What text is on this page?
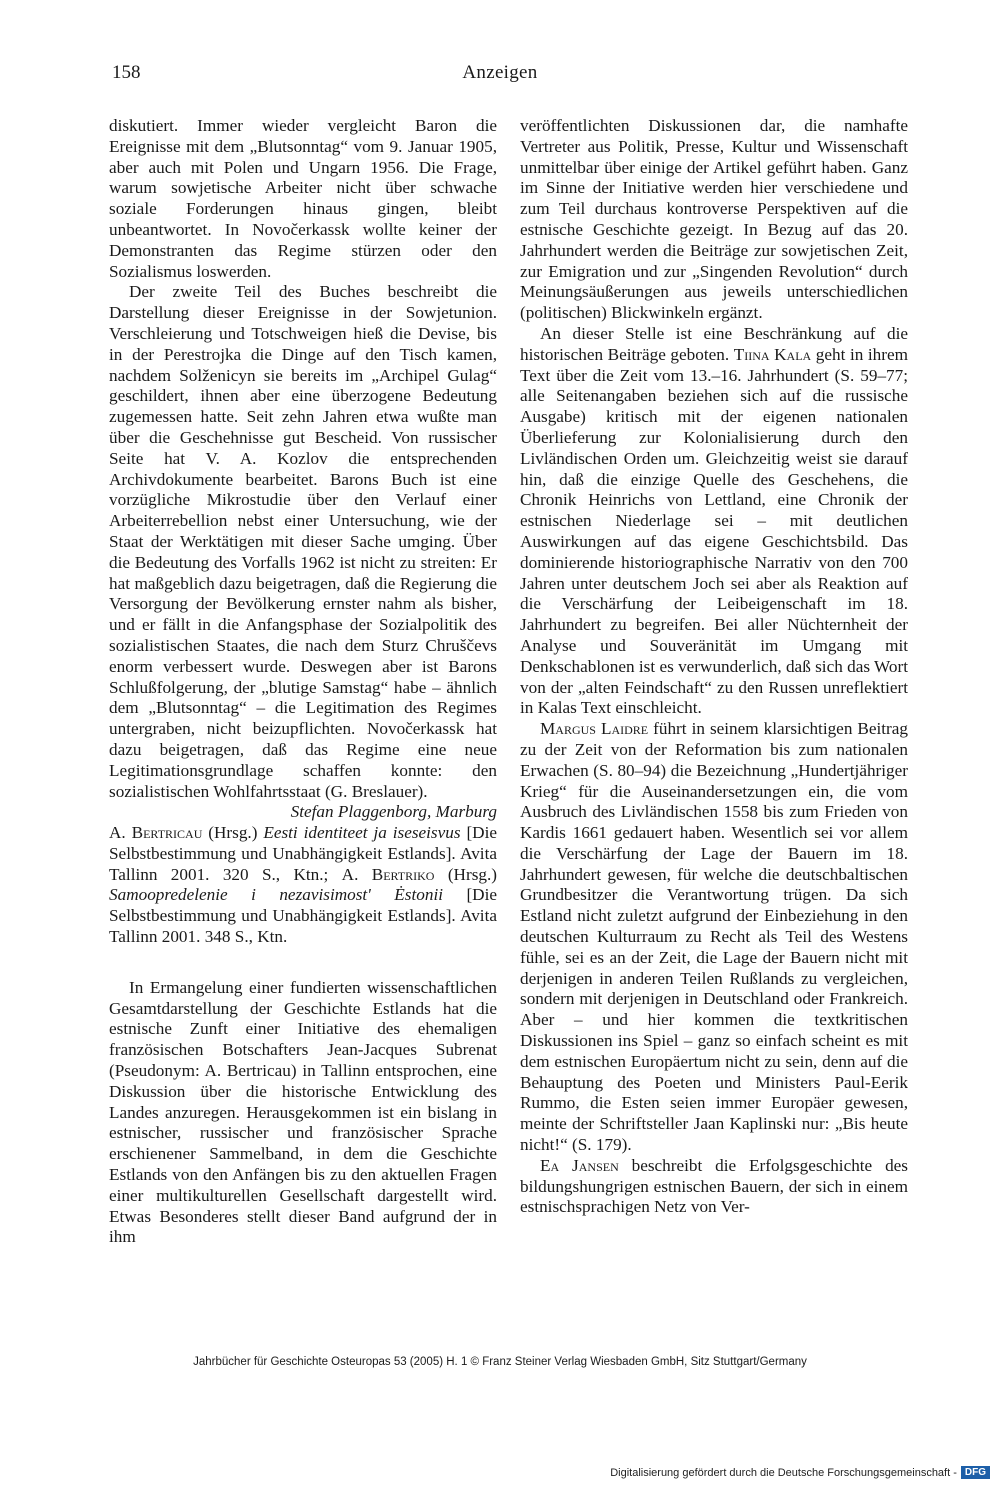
158	Anzeigen

diskutiert. Immer wieder vergleicht Baron die Ereignisse mit dem „Blutsonntag“ vom 9. Januar 1905, aber auch mit Polen und Ungarn 1956. Die Frage, warum sowjetische Arbeiter nicht über schwache soziale Forderungen hinaus gingen, bleibt unbeantwortet. In Novočerkassk wollte keiner der Demonstranten das Regime stürzen oder den Sozialismus loswerden.

Der zweite Teil des Buches beschreibt die Darstellung dieser Ereignisse in der Sowjetunion. Verschleierung und Totschweigen hieß die Devise, bis in der Perestrojka die Dinge auf den Tisch kamen, nachdem Solženicyn sie bereits im „Archipel Gulag“ geschildert, ihnen aber eine überzogene Bedeutung zugemessen hatte. Seit zehn Jahren etwa wußte man über die Geschehnisse gut Bescheid. Von russischer Seite hat V. A. Kozlov die entsprechenden Archivdokumente bearbeitet. Barons Buch ist eine vorzügliche Mikrostudie über den Verlauf einer Arbeiterrebellion nebst einer Untersuchung, wie der Staat der Werktätigen mit dieser Sache umging. Über die Bedeutung des Vorfalls 1962 ist nicht zu streiten: Er hat maßgeblich dazu beigetragen, daß die Regierung die Versorgung der Bevölkerung ernster nahm als bisher, und er fällt in die Anfangsphase der Sozialpolitik des sozialistischen Staates, die nach dem Sturz Chruščevs enorm verbessert wurde. Deswegen aber ist Barons Schlußfolgerung, der „blutige Samstag“ habe – ähnlich dem „Blutsonntag“ – die Legitimation des Regimes untergraben, nicht beizupflichten. Novočerkassk hat dazu beigetragen, daß das Regime eine neue Legitimationsgrundlage schaffen konnte: den sozialistischen Wohlfahrtsstaat (G. Breslauer).

Stefan Plaggenborg, Marburg

A. Bertricau (Hrsg.) Eesti identiteet ja iseseisvus [Die Selbstbestimmung und Unabhängigkeit Estlands]. Avita Tallinn 2001. 320 S., Ktn.; A. Bertriko (Hrsg.) Samoopredelenie i nezavisimost' Ėstonii [Die Selbstbestimmung und Unabhängigkeit Estlands]. Avita Tallinn 2001. 348 S., Ktn.

In Ermangelung einer fundierten wissenschaftlichen Gesamtdarstellung der Geschichte Estlands hat die estnische Zunft einer Initiative des ehemaligen französischen Botschafters Jean-Jacques Subrenat (Pseudonym: A. Bertricau) in Tallinn entsprochen, eine Diskussion über die historische Entwicklung des Landes anzuregen. Herausgekommen ist ein bislang in estnischer, russischer und französischer Sprache erschienener Sammelband, in dem die Geschichte Estlands von den Anfängen bis zu den aktuellen Fragen einer multikulturellen Gesellschaft dargestellt wird. Etwas Besonderes stellt dieser Band aufgrund der in ihm

veröffentlichten Diskussionen dar, die namhafte Vertreter aus Politik, Presse, Kultur und Wissenschaft unmittelbar über einige der Artikel geführt haben. Ganz im Sinne der Initiative werden hier verschiedene und zum Teil durchaus kontroverse Perspektiven auf die estnische Geschichte gezeigt. In Bezug auf das 20. Jahrhundert werden die Beiträge zur sowjetischen Zeit, zur Emigration und zur „Singenden Revolution“ durch Meinungsäußerungen aus jeweils unterschiedlichen (politischen) Blickwinkeln ergänzt.

An dieser Stelle ist eine Beschränkung auf die historischen Beiträge geboten. Tiina Kala geht in ihrem Text über die Zeit vom 13.–16. Jahrhundert (S. 59–77; alle Seitenangaben beziehen sich auf die russische Ausgabe) kritisch mit der eigenen nationalen Überlieferung zur Kolonialisierung durch den Livländischen Orden um. Gleichzeitig weist sie darauf hin, daß die einzige Quelle des Geschehens, die Chronik Heinrichs von Lettland, eine Chronik der estnischen Niederlage sei – mit deutlichen Auswirkungen auf das eigene Geschichtsbild. Das dominierende historiographische Narrativ von den 700 Jahren unter deutschem Joch sei aber als Reaktion auf die Verschärfung der Leibeigenschaft im 18. Jahrhundert zu begreifen. Bei aller Nüchternheit der Analyse und Souveränität im Umgang mit Denkschablonen ist es verwunderlich, daß sich das Wort von der „alten Feindschaft“ zu den Russen unreflektiert in Kalas Text einschleicht.

Margus Laidre führt in seinem klarsichtigen Beitrag zu der Zeit von der Reformation bis zum nationalen Erwachen (S. 80–94) die Bezeichnung „Hundertjähriger Krieg“ für die Auseinandersetzungen ein, die vom Ausbruch des Livländischen 1558 bis zum Frieden von Kardis 1661 gedauert haben. Wesentlich sei vor allem die Verschärfung der Lage der Bauern im 18. Jahrhundert gewesen, für welche die deutschbaltischen Grundbesitzer die Verantwortung trügen. Da sich Estland nicht zuletzt aufgrund der Einbeziehung in den deutschen Kulturraum zu Recht als Teil des Westens fühle, sei es an der Zeit, die Lage der Bauern nicht mit derjenigen in anderen Teilen Rußlands zu vergleichen, sondern mit derjenigen in Deutschland oder Frankreich. Aber – und hier kommen die textkritischen Diskussionen ins Spiel – ganz so einfach scheint es mit dem estnischen Europäertum nicht zu sein, denn auf die Behauptung des Poeten und Ministers Paul-Eerik Rummo, die Esten seien immer Europäer gewesen, meinte der Schriftsteller Jaan Kaplinski nur: „Bis heute nicht!“ (S. 179).

Ea Jansen beschreibt die Erfolgsgeschichte des bildungshungrigen estnischen Bauern, der sich in einem estnischsprachigen Netz von Ver-

Jahrbücher für Geschichte Osteuropas 53 (2005) H. 1 © Franz Steiner Verlag Wiesbaden GmbH, Sitz Stuttgart/Germany
Digitalisierung gefördert durch die Deutsche Forschungsgemeinschaft - DFG
